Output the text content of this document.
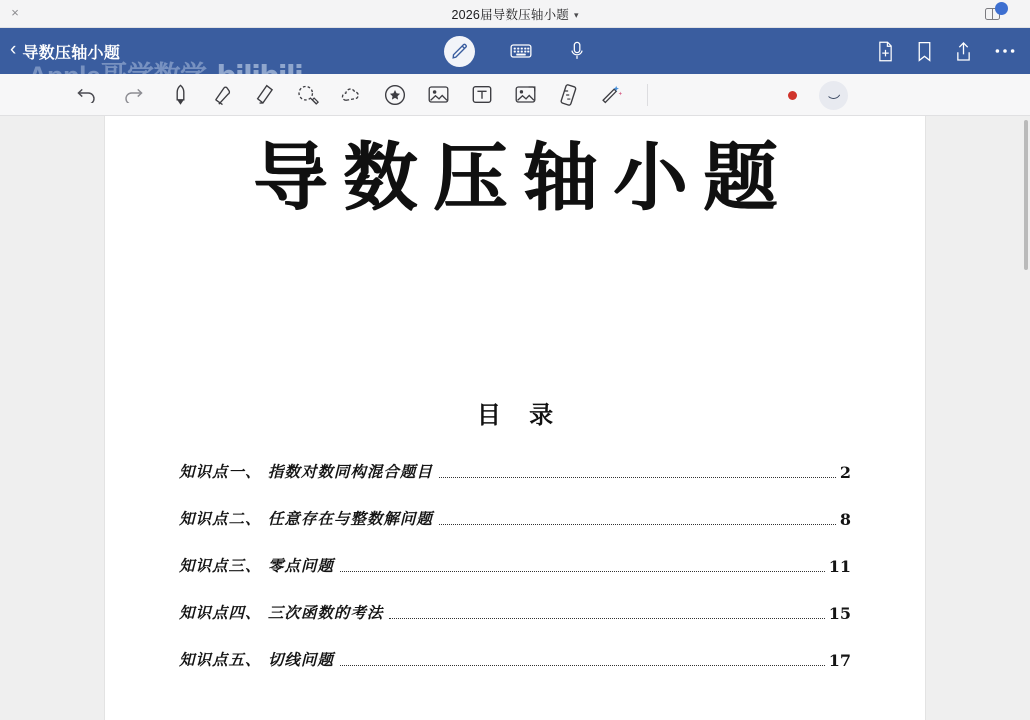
×	2026届导数压轴小题 ▾
‹ 导数压轴小题
导数压轴小题
目 录
知识点一、 指数对数同构混合题目	2
知识点二、 任意存在与整数解问题	8
知识点三、 零点问题	11
知识点四、 三次函数的考法	15
知识点五、 切线问题	17
